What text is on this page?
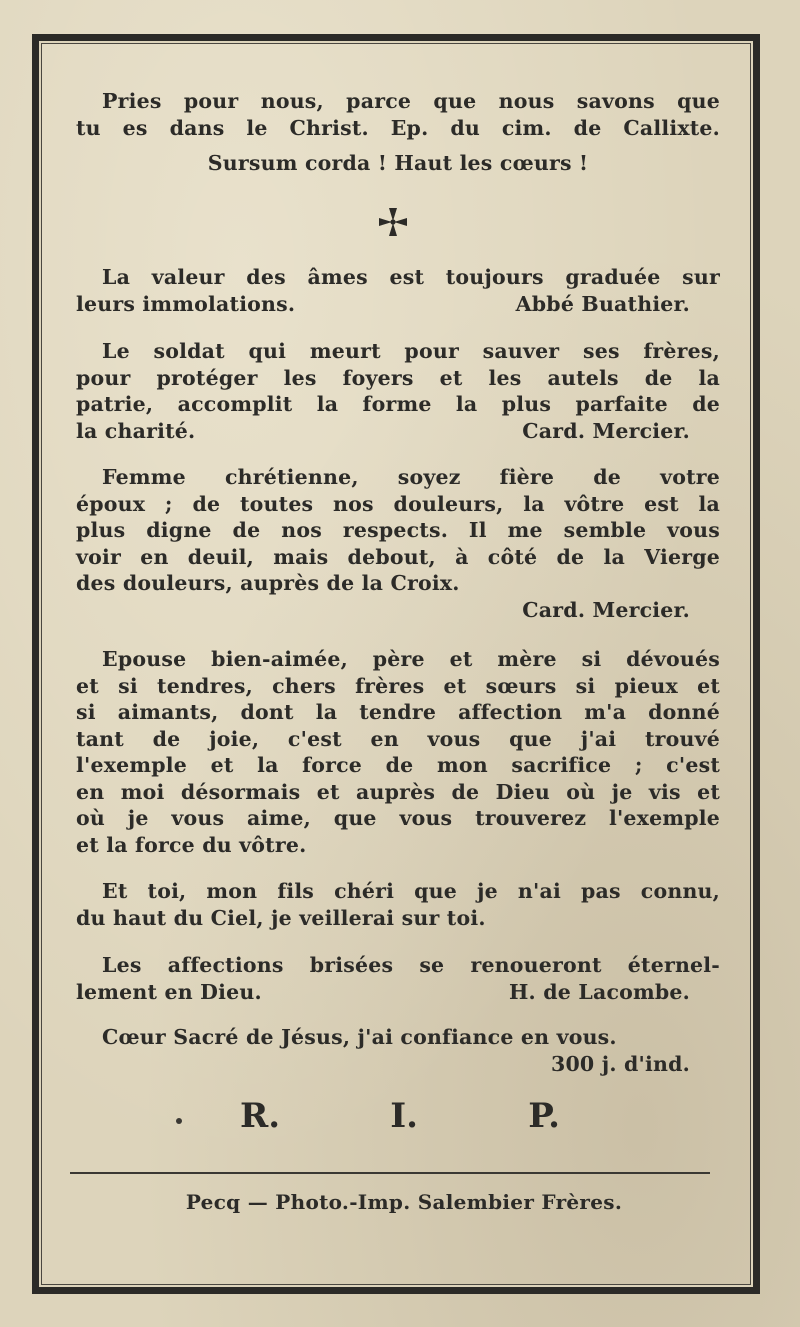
Pries pour nous, parce que nous savons que
tu es dans le Christ. Ep. du cim. de Callixte.
Sursum corda ! Haut les cœurs !
La valeur des âmes est toujours graduée sur
leurs immolations.	Abbé Buathier.
Le soldat qui meurt pour sauver ses frères,
pour protéger les foyers et les autels de la
patrie, accomplit la forme la plus parfaite de
la charité.	Card. Mercier.
Femme chrétienne, soyez fière de votre
époux ; de toutes nos douleurs, la vôtre est la
plus digne de nos respects. Il me semble vous
voir en deuil, mais debout, à côté de la Vierge
des douleurs, auprès de la Croix.
Card. Mercier.
Epouse bien-aimée, père et mère si dévoués
et si tendres, chers frères et sœurs si pieux et
si aimants, dont la tendre affection m'a donné
tant de joie, c'est en vous que j'ai trouvé
l'exemple et la force de mon sacrifice ; c'est
en moi désormais et auprès de Dieu où je vis et
où je vous aime, que vous trouverez l'exemple
et la force du vôtre.
Et toi, mon fils chéri que je n'ai pas connu,
du haut du Ciel, je veillerai sur toi.
Les affections brisées se renoueront éternel-
lement en Dieu.	H. de Lacombe.
Cœur Sacré de Jésus, j'ai confiance en vous.
300 j. d'ind.
R.	I.	P.
Pecq — Photo.-Imp. Salembier Frères.
